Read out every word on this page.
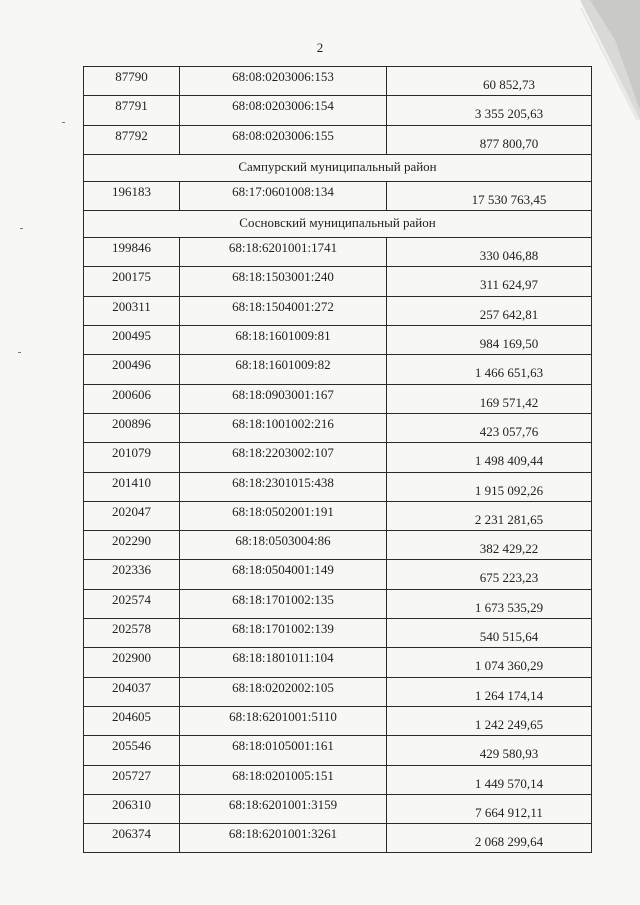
2
87790	68:08:0203006:153	60 852,73

87791	68:08:0203006:154	3 355 205,63

87792	68:08:0203006:155	877 800,70

Сампурский муниципальный район		

196183	68:17:0601008:134	17 530 763,45

Сосновский муниципальный район		

199846	68:18:6201001:1741	330 046,88

200175	68:18:1503001:240	311 624,97

200311	68:18:1504001:272	257 642,81

200495	68:18:1601009:81	984 169,50

200496	68:18:1601009:82	1 466 651,63

200606	68:18:0903001:167	169 571,42

200896	68:18:1001002:216	423 057,76

201079	68:18:2203002:107	1 498 409,44

201410	68:18:2301015:438	1 915 092,26

202047	68:18:0502001:191	2 231 281,65

202290	68:18:0503004:86	382 429,22

202336	68:18:0504001:149	675 223,23

202574	68:18:1701002:135	1 673 535,29

202578	68:18:1701002:139	540 515,64

202900	68:18:1801011:104	1 074 360,29

204037	68:18:0202002:105	1 264 174,14

204605	68:18:6201001:5110	1 242 249,65

205546	68:18:0105001:161	429 580,93

205727	68:18:0201005:151	1 449 570,14

206310	68:18:6201001:3159	7 664 912,11

206374	68:18:6201001:3261	2 068 299,64
